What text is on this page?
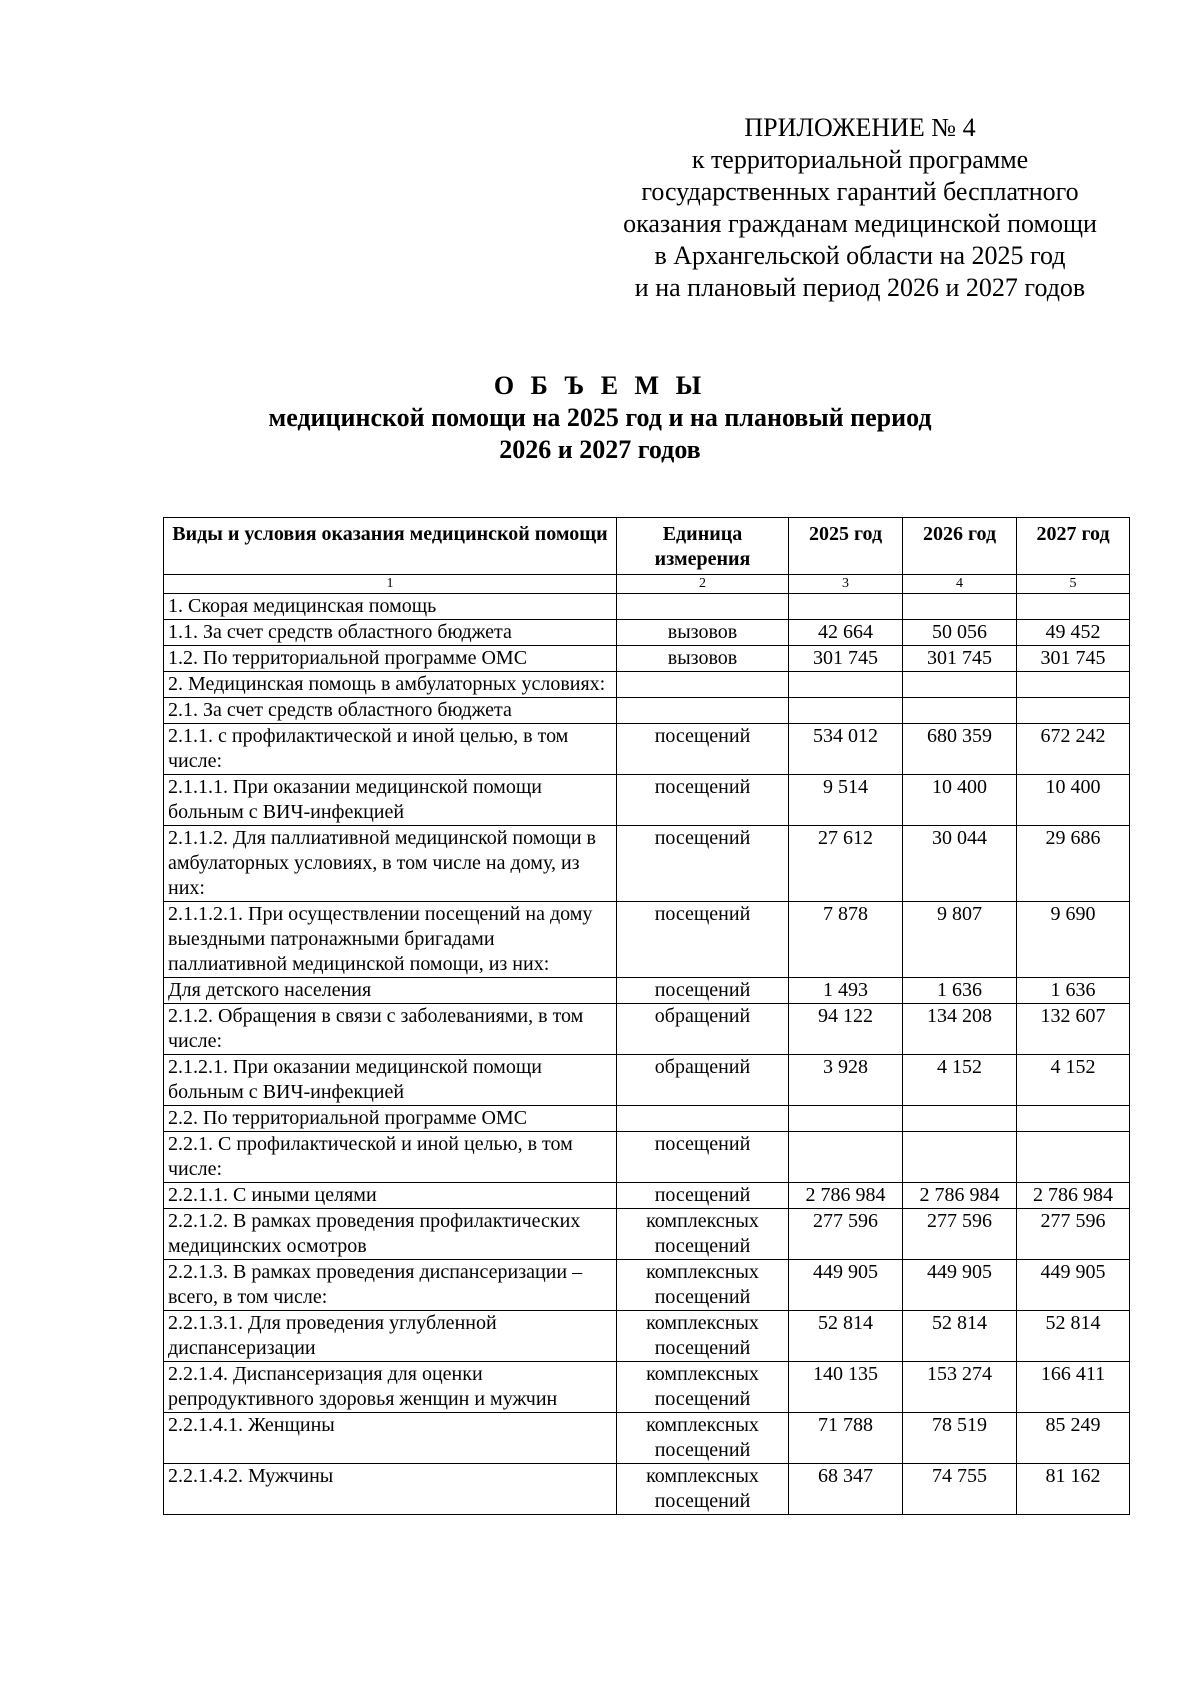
ПРИЛОЖЕНИЕ № 4
к территориальной программе
государственных гарантий бесплатного
оказания гражданам медицинской помощи
в Архангельской области на 2025 год
и на плановый период 2026 и 2027 годов
О Б Ъ Е М Ы
медицинской помощи на 2025 год и на плановый период
2026 и 2027 годов
Виды и условия оказания медицинской помощи	Единица измерения	2025 год	2026 год	2027 год
1	2	3	4	5
1. Скорая медицинская помощь				
1.1. За счет средств областного бюджета	вызовов	42 664	50 056	49 452
1.2. По территориальной программе ОМС	вызовов	301 745	301 745	301 745
2. Медицинская помощь в амбулаторных условиях:				
2.1. За счет средств областного бюджета				
2.1.1. с профилактической и иной целью, в том числе:	посещений	534 012	680 359	672 242
2.1.1.1. При оказании медицинской помощи больным с ВИЧ-инфекцией	посещений	9 514	10 400	10 400
2.1.1.2. Для паллиативной медицинской помощи в амбулаторных условиях, в том числе на дому, из них:	посещений	27 612	30 044	29 686
2.1.1.2.1. При осуществлении посещений на дому выездными патронажными бригадами паллиативной медицинской помощи, из них:	посещений	7 878	9 807	9 690
Для детского населения	посещений	1 493	1 636	1 636
2.1.2. Обращения в связи с заболеваниями, в том числе:	обращений	94 122	134 208	132 607
2.1.2.1. При оказании медицинской помощи больным с ВИЧ-инфекцией	обращений	3 928	4 152	4 152
2.2. По территориальной программе ОМС				
2.2.1. С профилактической и иной целью, в том числе:	посещений			
2.2.1.1. С иными целями	посещений	2 786 984	2 786 984	2 786 984
2.2.1.2. В рамках проведения профилактических медицинских осмотров	комплексных посещений	277 596	277 596	277 596
2.2.1.3. В рамках проведения диспансеризации – всего, в том числе:	комплексных посещений	449 905	449 905	449 905
2.2.1.3.1. Для проведения углубленной диспансеризации	комплексных посещений	52 814	52 814	52 814
2.2.1.4. Диспансеризация для оценки репродуктивного здоровья женщин и мужчин	комплексных посещений	140 135	153 274	166 411
2.2.1.4.1. Женщины	комплексных посещений	71 788	78 519	85 249
2.2.1.4.2. Мужчины	комплексных посещений	68 347	74 755	81 162
